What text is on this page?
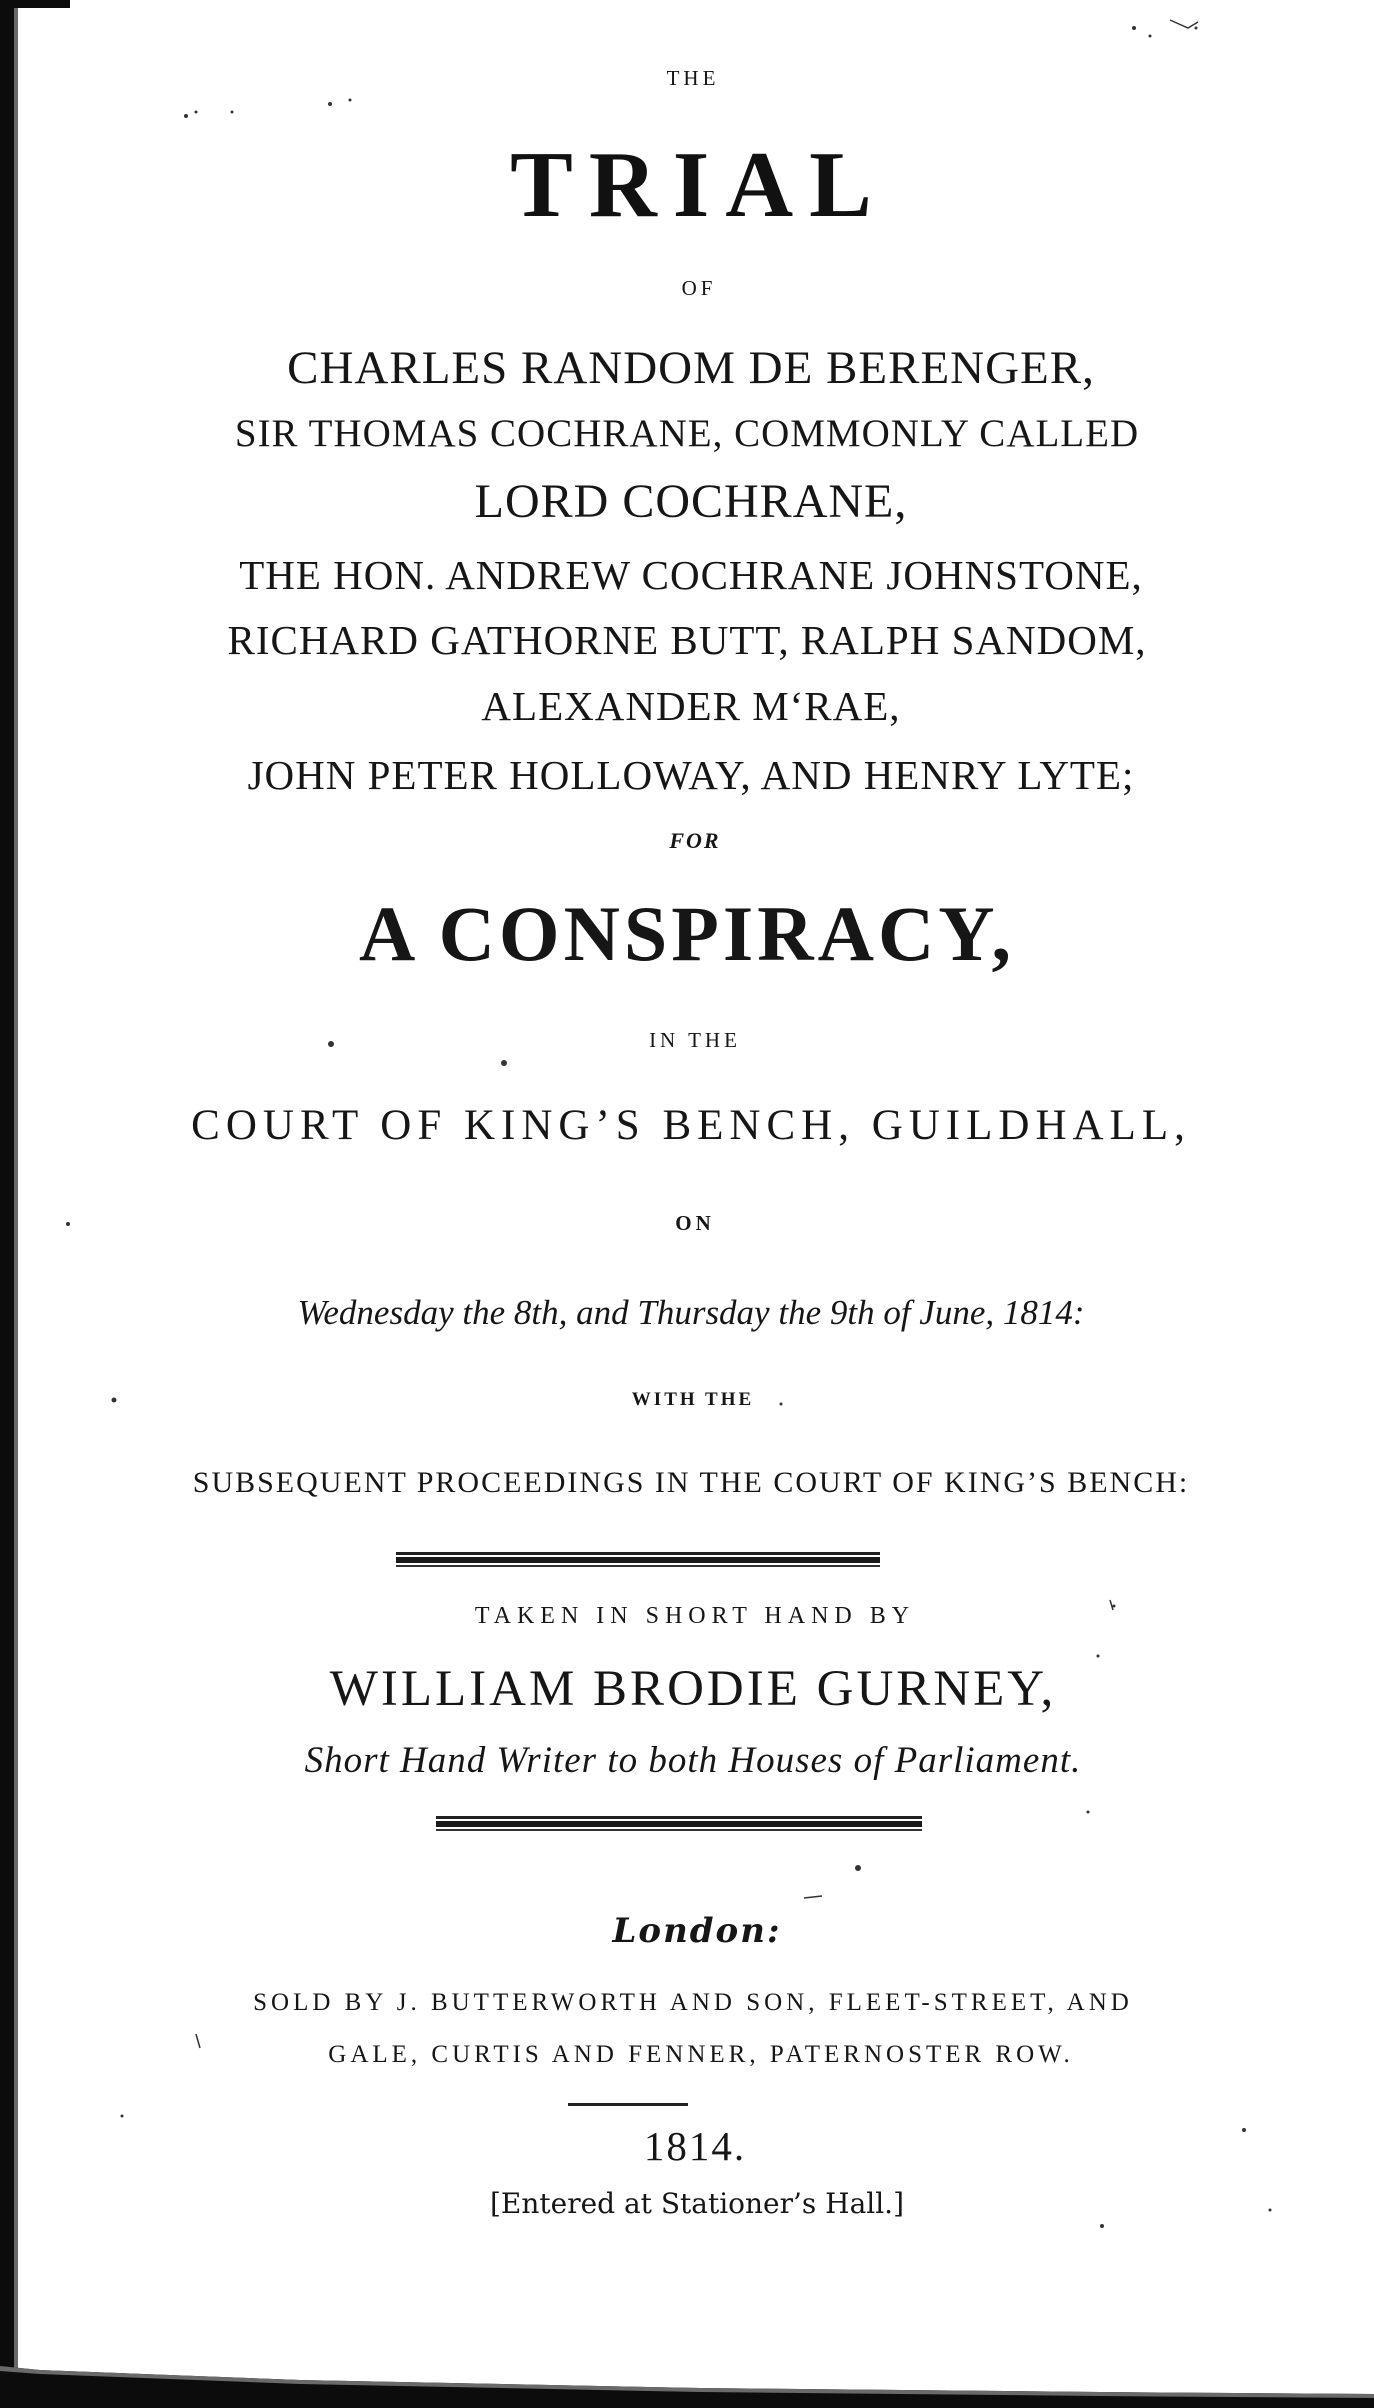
THE
TRIAL
OF
CHARLES RANDOM DE BERENGER,
SIR THOMAS COCHRANE, COMMONLY CALLED
LORD COCHRANE,
THE HON. ANDREW COCHRANE JOHNSTONE,
RICHARD GATHORNE BUTT, RALPH SANDOM,
ALEXANDER M‘RAE,
JOHN PETER HOLLOWAY, AND HENRY LYTE;
FOR
A CONSPIRACY,
IN THE
COURT OF KING’S BENCH, GUILDHALL,
ON
Wednesday the 8th, and Thursday the 9th of June, 1814:
WITH THE
SUBSEQUENT PROCEEDINGS IN THE COURT OF KING’S BENCH:
TAKEN IN SHORT HAND BY
WILLIAM BRODIE GURNEY,
Short Hand Writer to both Houses of Parliament.
London:
SOLD BY J. BUTTERWORTH AND SON, FLEET-STREET, AND
GALE, CURTIS AND FENNER, PATERNOSTER ROW.
1814.
[Entered at Stationer’s Hall.]
